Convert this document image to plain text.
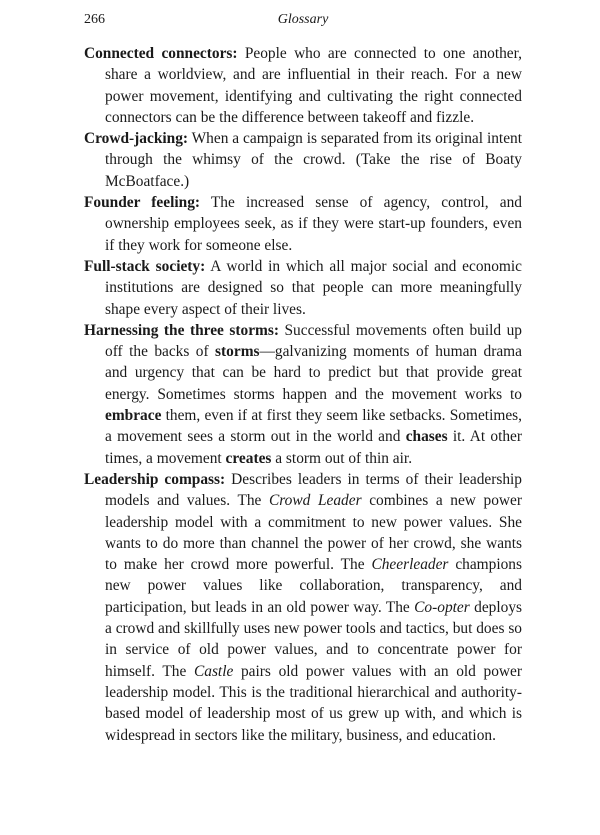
266	Glossary

Connected connectors: People who are connected to one another, share a worldview, and are influential in their reach. For a new power movement, identifying and cultivating the right connected connectors can be the difference between takeoff and fizzle.

Crowd-jacking: When a campaign is separated from its original intent through the whimsy of the crowd. (Take the rise of Boaty McBoatface.)

Founder feeling: The increased sense of agency, control, and ownership employees seek, as if they were start-up founders, even if they work for someone else.

Full-stack society: A world in which all major social and economic institutions are designed so that people can more meaningfully shape every aspect of their lives.

Harnessing the three storms: Successful movements often build up off the backs of storms—galvanizing moments of human drama and urgency that can be hard to predict but that provide great energy. Sometimes storms happen and the movement works to embrace them, even if at first they seem like setbacks. Sometimes, a movement sees a storm out in the world and chases it. At other times, a movement creates a storm out of thin air.

Leadership compass: Describes leaders in terms of their leadership models and values. The Crowd Leader combines a new power leadership model with a commitment to new power values. She wants to do more than channel the power of her crowd, she wants to make her crowd more powerful. The Cheerleader champions new power values like collaboration, transparency, and participation, but leads in an old power way. The Co-opter deploys a crowd and skillfully uses new power tools and tactics, but does so in service of old power values, and to concentrate power for himself. The Castle pairs old power values with an old power leadership model. This is the traditional hierarchical and authority-based model of leadership most of us grew up with, and which is widespread in sectors like the military, business, and education.
